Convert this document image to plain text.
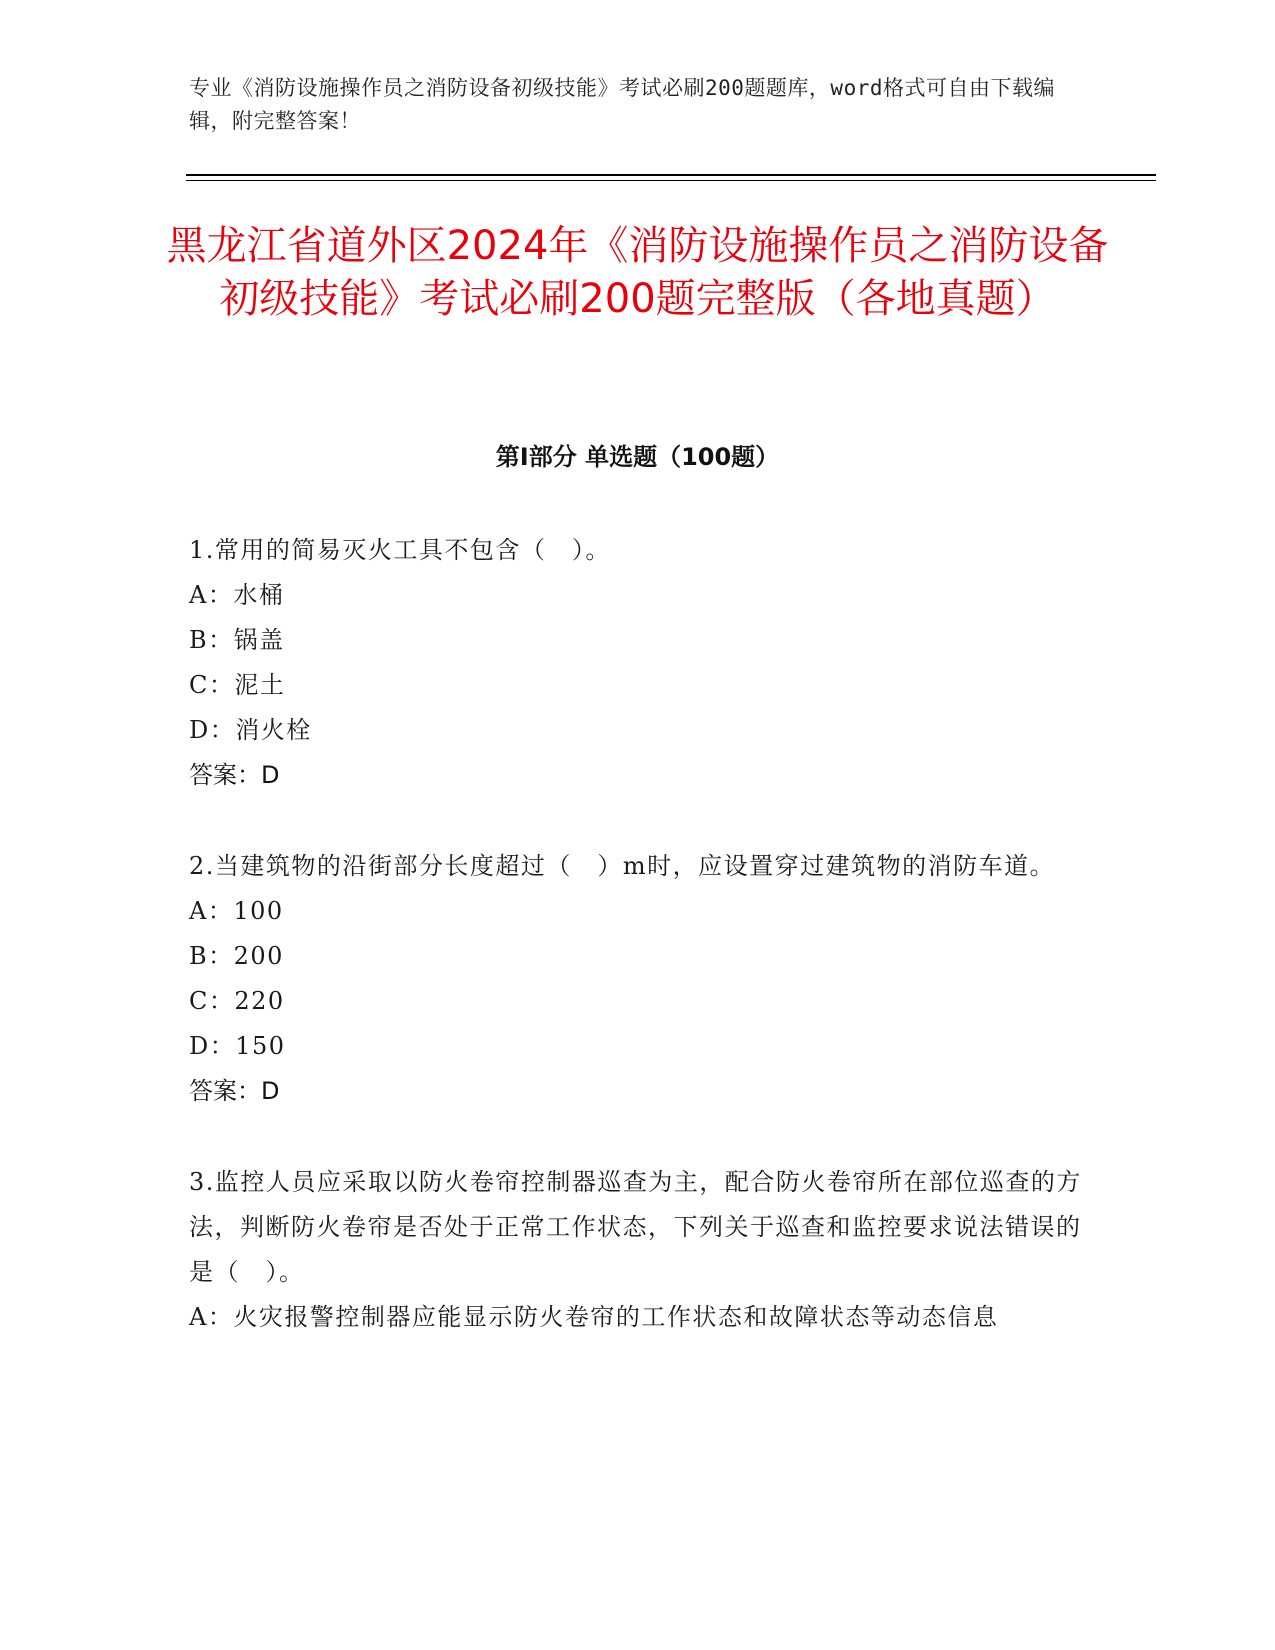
专业《消防设施操作员之消防设备初级技能》考试必刷200题题库，word格式可自由下载编辑，附完整答案！
黑龙江省道外区2024年《消防设施操作员之消防设备初级技能》考试必刷200题完整版（各地真题）
第Ⅰ部分 单选题（100题）
1.常用的简易灭火工具不包含（　）。
A：水桶
B：锅盖
C：泥土
D：消火栓
答案：D
2.当建筑物的沿街部分长度超过（　）m时，应设置穿过建筑物的消防车道。
A：100
B：200
C：220
D：150
答案：D
3.监控人员应采取以防火卷帘控制器巡查为主，配合防火卷帘所在部位巡查的方法，判断防火卷帘是否处于正常工作状态，下列关于巡查和监控要求说法错误的是（　）。
A：火灾报警控制器应能显示防火卷帘的工作状态和故障状态等动态信息
